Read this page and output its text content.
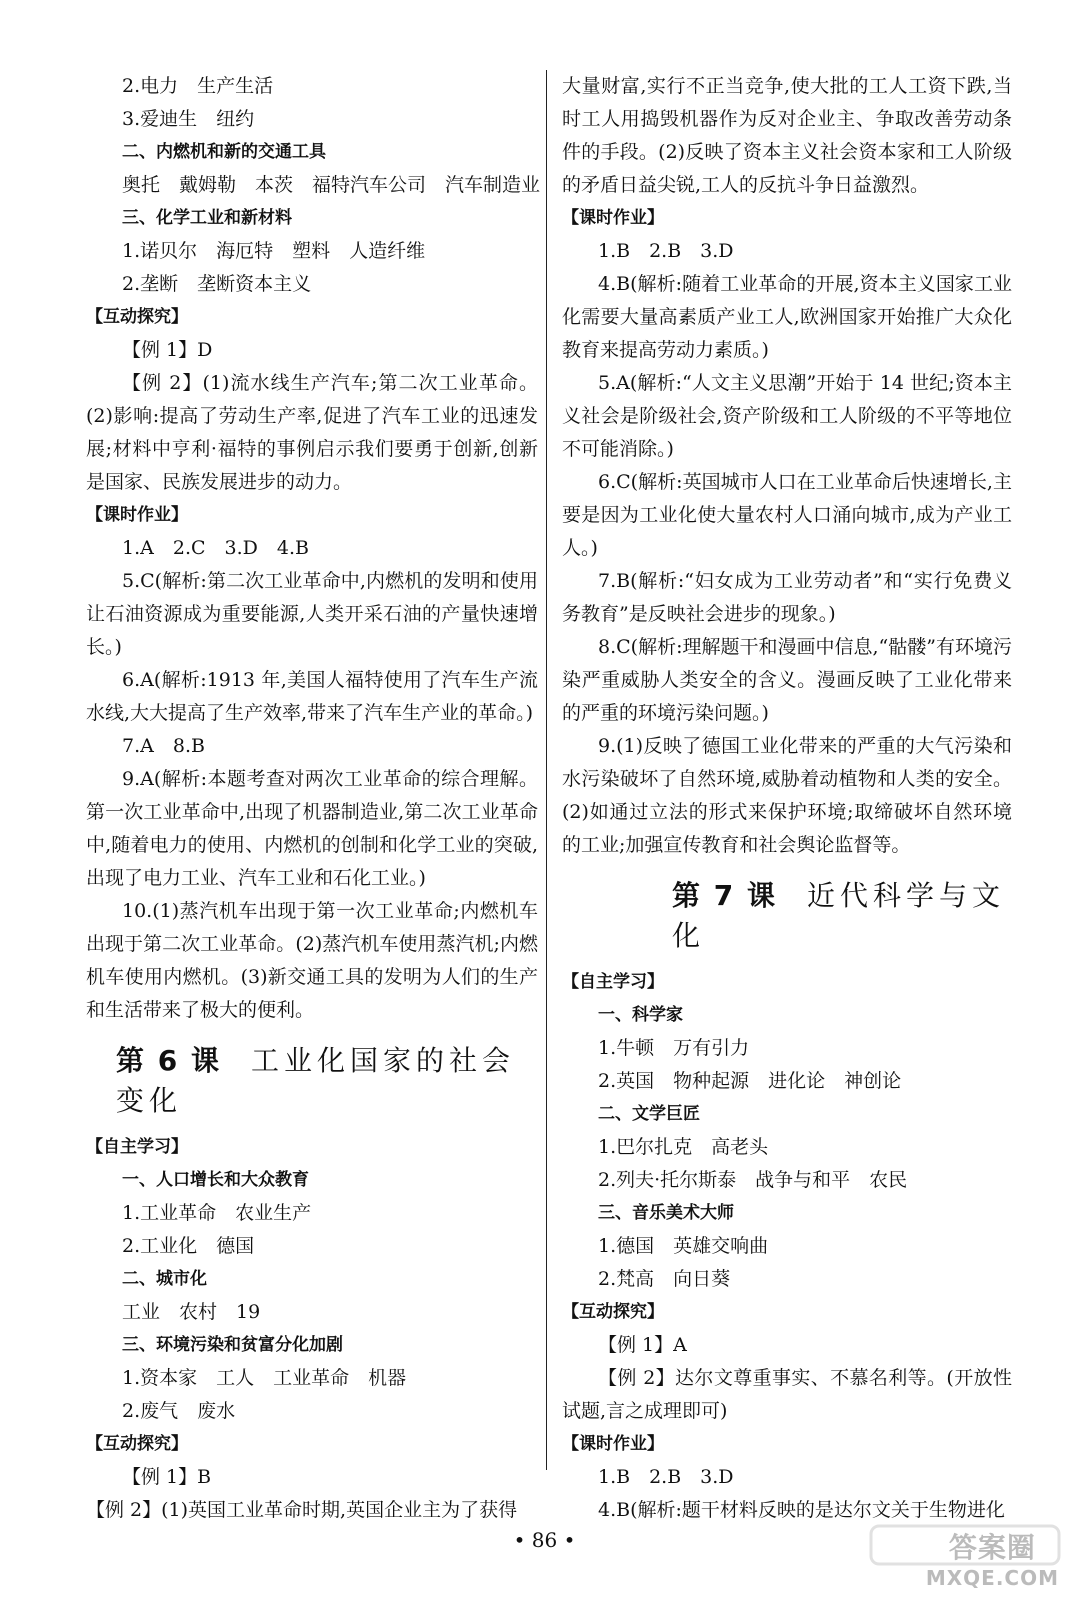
2.电力　生产生活
3.爱迪生　纽约
二、内燃机和新的交通工具
奥托　戴姆勒　本茨　福特汽车公司　汽车制造业
三、化学工业和新材料
1.诺贝尔　海厄特　塑料　人造纤维
2.垄断　垄断资本主义
【互动探究】
【例 1】D
【例 2】(1)流水线生产汽车;第二次工业革命。(2)影响:提高了劳动生产率,促进了汽车工业的迅速发展;材料中亨利·福特的事例启示我们要勇于创新,创新是国家、民族发展进步的动力。
【课时作业】
1.A　2.C　3.D　4.B
5.C(解析:第二次工业革命中,内燃机的发明和使用让石油资源成为重要能源,人类开采石油的产量快速增长。)
6.A(解析:1913 年,美国人福特使用了汽车生产流水线,大大提高了生产效率,带来了汽车生产业的革命。)
7.A　8.B
9.A(解析:本题考查对两次工业革命的综合理解。第一次工业革命中,出现了机器制造业,第二次工业革命中,随着电力的使用、内燃机的创制和化学工业的突破,出现了电力工业、汽车工业和石化工业。)
10.(1)蒸汽机车出现于第一次工业革命;内燃机车出现于第二次工业革命。(2)蒸汽机车使用蒸汽机;内燃机车使用内燃机。(3)新交通工具的发明为人们的生产和生活带来了极大的便利。
第 6 课 工业化国家的社会变化
【自主学习】
一、人口增长和大众教育
1.工业革命　农业生产
2.工业化　德国
二、城市化
工业　农村　19
三、环境污染和贫富分化加剧
1.资本家　工人　工业革命　机器
2.废气　废水
【互动探究】
【例 1】B
【例 2】(1)英国工业革命时期,英国企业主为了获得
大量财富,实行不正当竞争,使大批的工人工资下跌,当时工人用捣毁机器作为反对企业主、争取改善劳动条件的手段。(2)反映了资本主义社会资本家和工人阶级的矛盾日益尖锐,工人的反抗斗争日益激烈。
【课时作业】
1.B　2.B　3.D
4.B(解析:随着工业革命的开展,资本主义国家工业化需要大量高素质产业工人,欧洲国家开始推广大众化教育来提高劳动力素质。)
5.A(解析:“人文主义思潮”开始于 14 世纪;资本主义社会是阶级社会,资产阶级和工人阶级的不平等地位不可能消除。)
6.C(解析:英国城市人口在工业革命后快速增长,主要是因为工业化使大量农村人口涌向城市,成为产业工人。)
7.B(解析:“妇女成为工业劳动者”和“实行免费义务教育”是反映社会进步的现象。)
8.C(解析:理解题干和漫画中信息,“骷髅”有环境污染严重威胁人类安全的含义。漫画反映了工业化带来的严重的环境污染问题。)
9.(1)反映了德国工业化带来的严重的大气污染和水污染破坏了自然环境,威胁着动植物和人类的安全。(2)如通过立法的形式来保护环境;取缔破坏自然环境的工业;加强宣传教育和社会舆论监督等。
第 7 课 近代科学与文化
【自主学习】
一、科学家
1.牛顿　万有引力
2.英国　物种起源　进化论　神创论
二、文学巨匠
1.巴尔扎克　高老头
2.列夫·托尔斯泰　战争与和平　农民
三、音乐美术大师
1.德国　英雄交响曲
2.梵高　向日葵
【互动探究】
【例 1】A
【例 2】达尔文尊重事实、不慕名利等。(开放性试题,言之成理即可)
【课时作业】
1.B　2.B　3.D
4.B(解析:题干材料反映的是达尔文关于生物进化
• 86 •	答案圈
MXQE.COM
